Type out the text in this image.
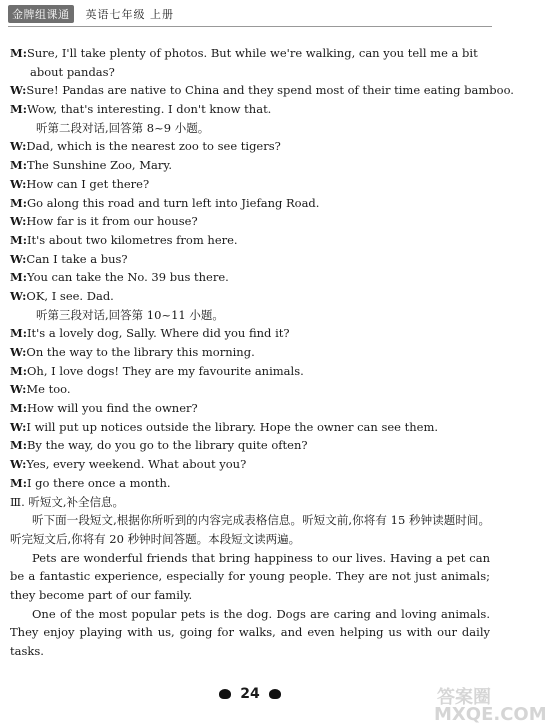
金牌组课通	英语七年级 上册

M:Sure, I'll take plenty of photos. But while we're walking, can you tell me a bit

about pandas?

W:Sure! Pandas are native to China and they spend most of their time eating bamboo.

M:Wow, that's interesting. I don't know that.

听第二段对话,回答第 8~9 小题。

W:Dad, which is the nearest zoo to see tigers?

M:The Sunshine Zoo, Mary.

W:How can I get there?

M:Go along this road and turn left into Jiefang Road.

W:How far is it from our house?

M:It's about two kilometres from here.

W:Can I take a bus?

M:You can take the No. 39 bus there.

W:OK, I see. Dad.

听第三段对话,回答第 10~11 小题。

M:It's a lovely dog, Sally. Where did you find it?

W:On the way to the library this morning.

M:Oh, I love dogs! They are my favourite animals.

W:Me too.

M:How will you find the owner?

W:I will put up notices outside the library. Hope the owner can see them.

M:By the way, do you go to the library quite often?

W:Yes, every weekend. What about you?

M:I go there once a month.

Ⅲ. 听短文,补全信息。

听下面一段短文,根据你所听到的内容完成表格信息。听短文前,你将有 15 秒钟读题时间。听完短文后,你将有 20 秒钟时间答题。本段短文读两遍。

Pets are wonderful friends that bring happiness to our lives. Having a pet can be a fantastic experience, especially for young people. They are not just animals; they become part of our family.

One of the most popular pets is the dog. Dogs are caring and loving animals. They enjoy playing with us, going for walks, and even helping us with our daily tasks.

24	答案圈 MXQE.COM
